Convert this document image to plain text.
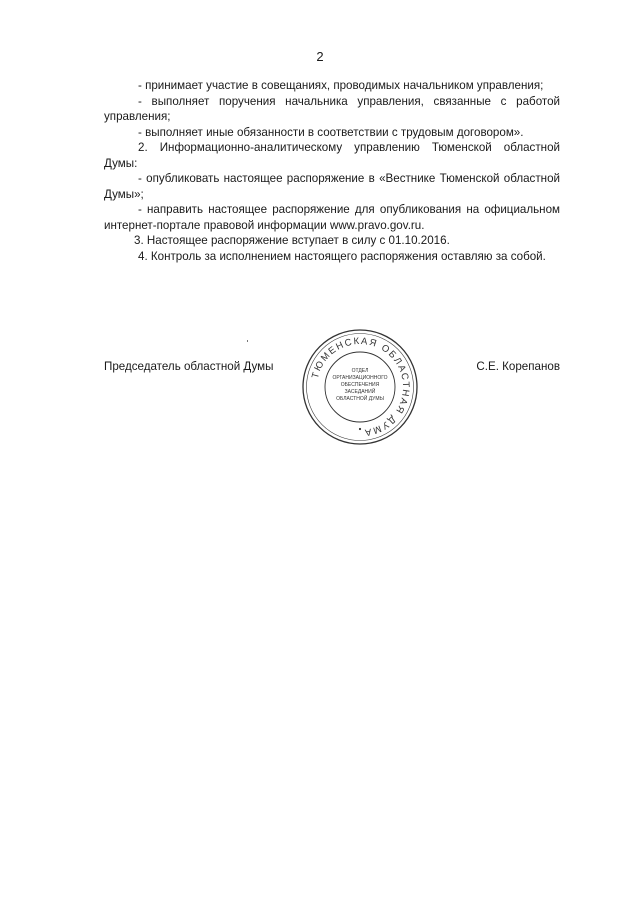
2

- принимает участие в совещаниях, проводимых начальником управления;

- выполняет поручения начальника управления, связанные с работой управления;

- выполняет иные обязанности в соответствии с трудовым договором».

2. Информационно-аналитическому управлению Тюменской областной Думы:

- опубликовать настоящее распоряжение в «Вестнике Тюменской областной Думы»;

- направить настоящее распоряжение для опубликования на официальном интернет-портале правовой информации www.pravo.gov.ru.

3. Настоящее распоряжение вступает в силу с 01.10.2016.

4. Контроль за исполнением настоящего распоряжения оставляю за собой.

Председатель областной Думы	С.Е. Корепанов
ТЮМЕНСКАЯ ОБЛАСТНАЯ ДУМА
ОТДЕЛ
ОРГАНИЗАЦИОННОГО
ОБЕСПЕЧЕНИЯ
ЗАСЕДАНИЙ
ОБЛАСТНОЙ ДУМЫ
